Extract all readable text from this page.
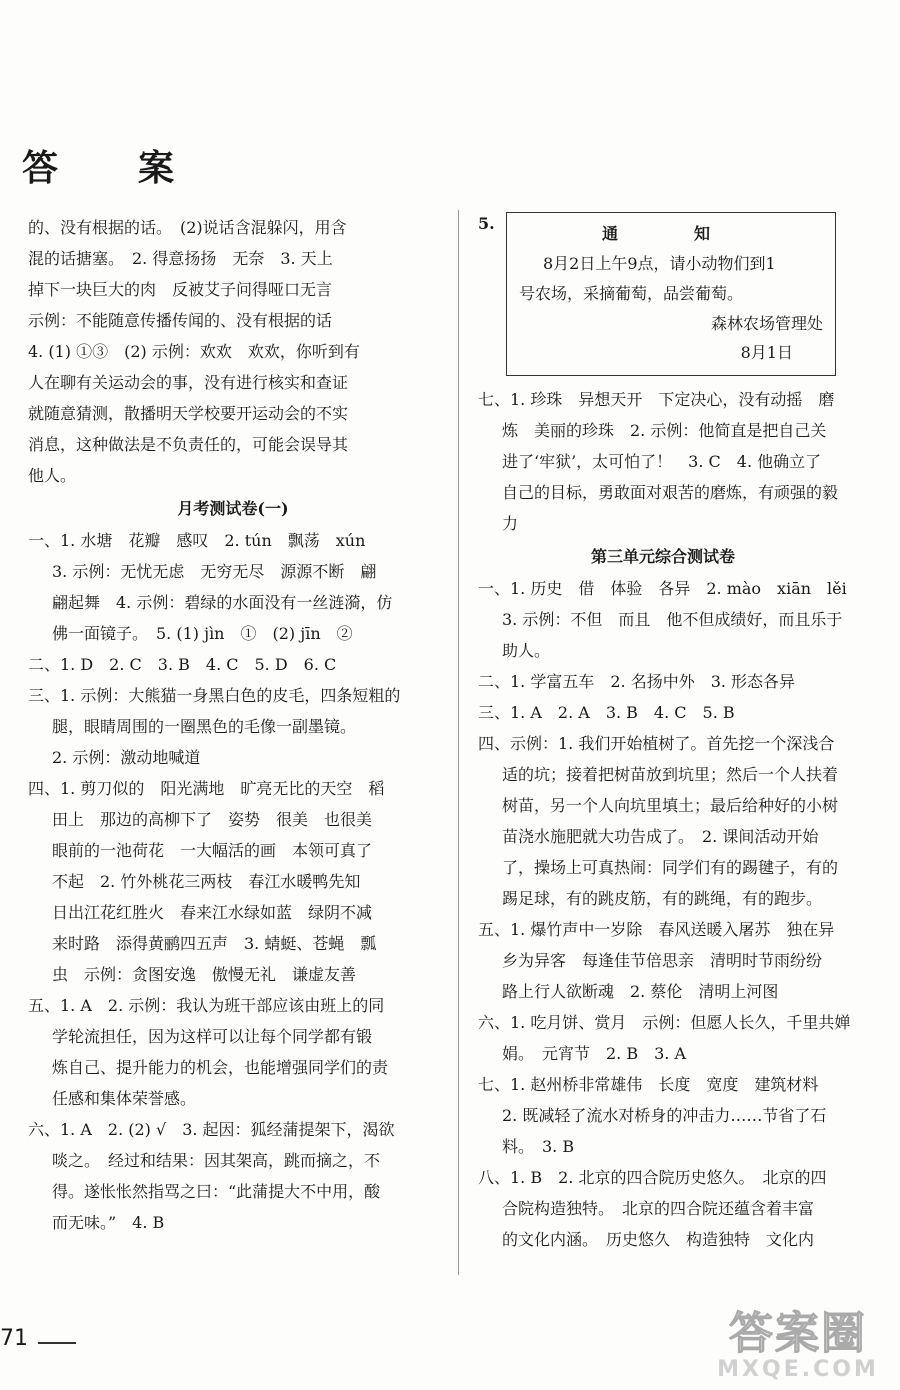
答　案
的、没有根据的话。　(2)说话含混躲闪，用含
混的话搪塞。　2. 得意扬扬　无奈　3. 天上
掉下一块巨大的肉　反被艾子问得哑口无言
示例：不能随意传播传闻的、没有根据的话
4. (1) ①③　(2) 示例：欢欢　欢欢，你听到有
人在聊有关运动会的事，没有进行核实和查证
就随意猜测，散播明天学校要开运动会的不实
消息，这种做法是不负责任的，可能会误导其
他人。
月考测试卷(一)
一、1. 水塘　花瓣　感叹　2. tún　飘荡　xún
3. 示例：无忧无虑　无穷无尽　源源不断　翩
翩起舞　4. 示例：碧绿的水面没有一丝涟漪，仿
佛一面镜子。　5. (1) jìn　①　(2) jīn　②
二、1. D　2. C　3. B　4. C　5. D　6. C
三、1. 示例：大熊猫一身黑白色的皮毛，四条短粗的
腿，眼睛周围的一圈黑色的毛像一副墨镜。
2. 示例：激动地喊道
四、1. 剪刀似的　阳光满地　旷亮无比的天空　稻
田上　那边的高柳下了　姿势　很美　也很美
眼前的一池荷花　一大幅活的画　本领可真了
不起　2. 竹外桃花三两枝　春江水暖鸭先知
日出江花红胜火　春来江水绿如蓝　绿阴不减
来时路　添得黄鹂四五声　3. 蜻蜓、苍蝇　瓢
虫　示例：贪图安逸　傲慢无礼　谦虚友善
五、1. A　2. 示例：我认为班干部应该由班上的同
学轮流担任，因为这样可以让每个同学都有锻
炼自己、提升能力的机会，也能增强同学们的责
任感和集体荣誉感。
六、1. A　2. (2) √　3. 起因：狐经蒲提架下，渴欲
啖之。　经过和结果：因其架高，跳而摘之，不
得。遂怅怅然指骂之曰：“此蒲提大不中用，酸
而无味。”　4. B
5.
通　知
8月2日上午9点，请小动物们到1
号农场，采摘葡萄，品尝葡萄。
森林农场管理处
8月1日
七、1. 珍珠　异想天开　下定决心，没有动摇　磨
炼　美丽的珍珠　2. 示例：他简直是把自己关
进了‘牢狱’，太可怕了！　3. C　4. 他确立了
自己的目标，勇敢面对艰苦的磨炼，有顽强的毅
力
第三单元综合测试卷
一、1. 历史　借　体验　各异　2. mào　xiān　lěi
3. 示例：不但　而且　他不但成绩好，而且乐于
助人。
二、1. 学富五车　2. 名扬中外　3. 形态各异
三、1. A　2. A　3. B　4. C　5. B
四、示例：1. 我们开始植树了。首先挖一个深浅合
适的坑；接着把树苗放到坑里；然后一个人扶着
树苗，另一个人向坑里填土；最后给种好的小树
苗浇水施肥就大功告成了。　2. 课间活动开始
了，操场上可真热闹：同学们有的踢毽子，有的
踢足球，有的跳皮筋，有的跳绳，有的跑步。
五、1. 爆竹声中一岁除　春风送暖入屠苏　独在异
乡为异客　每逢佳节倍思亲　清明时节雨纷纷
路上行人欲断魂　2. 蔡伦　清明上河图
六、1. 吃月饼、赏月　示例：但愿人长久，千里共婵
娟。　元宵节　2. B　3. A
七、1. 赵州桥非常雄伟　长度　宽度　建筑材料
2. 既减轻了流水对桥身的冲击力……节省了石
料。　3. B
八、1. B　2. 北京的四合院历史悠久。　北京的四
合院构造独特。　北京的四合院还蕴含着丰富
的文化内涵。　历史悠久　构造独特　文化内
71	答案圈
MXQE.COM
